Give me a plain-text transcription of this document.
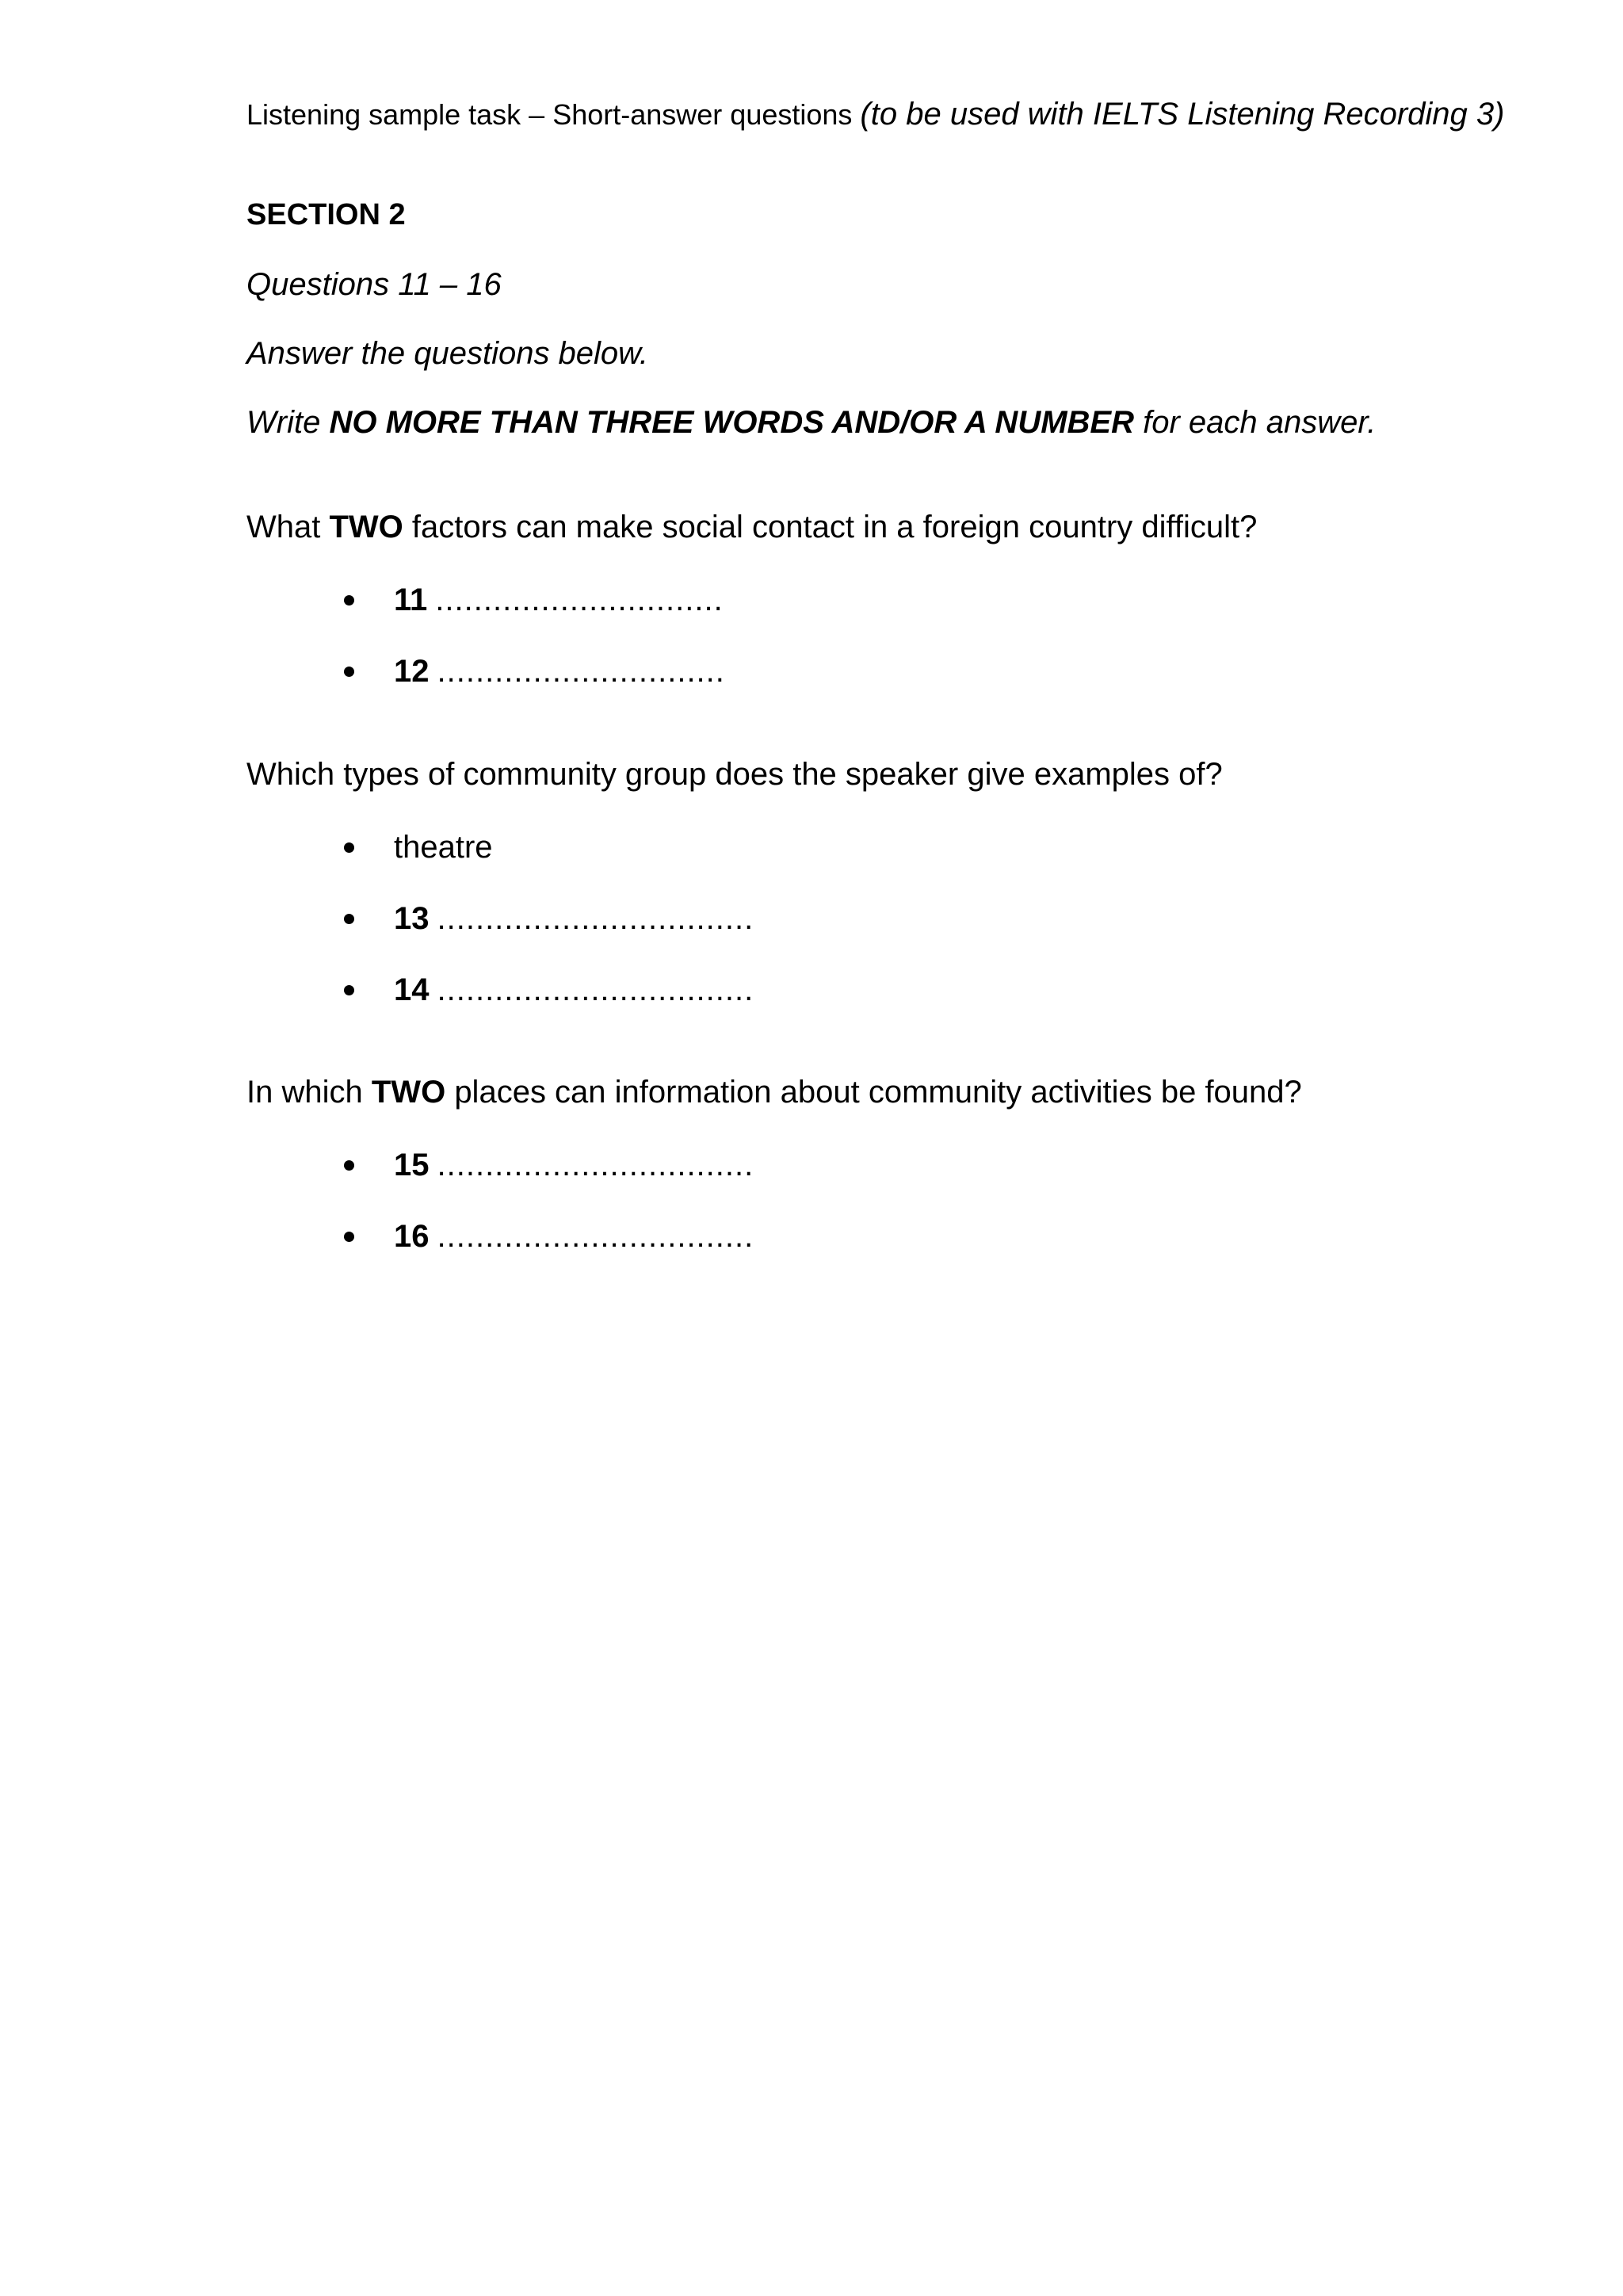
Listening sample task – Short-answer questions (to be used with IELTS Listening Recording 3)
SECTION 2
Questions 11 – 16
Answer the questions below.
Write NO MORE THAN THREE WORDS AND/OR A NUMBER for each answer.
What TWO factors can make social contact in a foreign country difficult?
11 ..............................
12 ..............................
Which types of community group does the speaker give examples of?
theatre
13 .................................
14 .................................
In which TWO places can information about community activities be found?
15 .................................
16 .................................
